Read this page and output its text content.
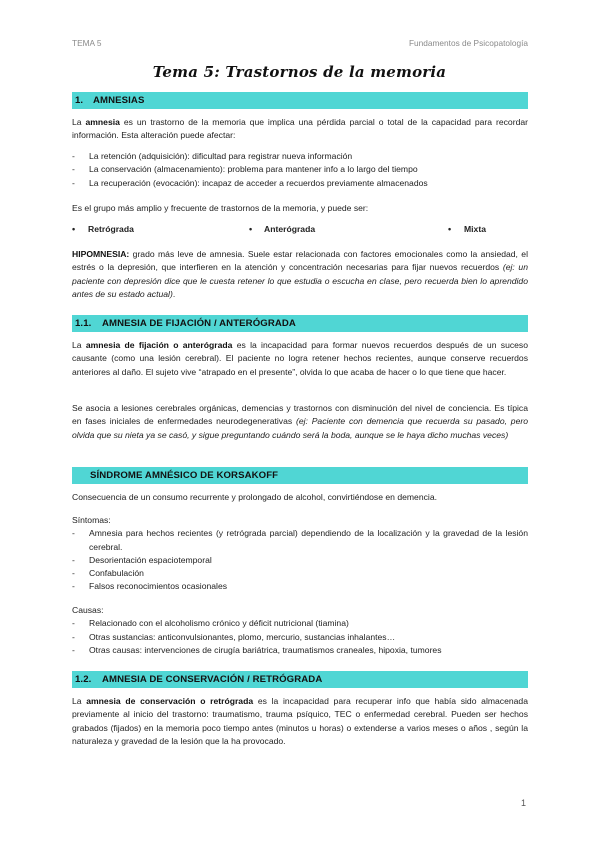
TEMA 5	Fundamentos de Psicopatología
Tema 5: Trastornos de la memoria
1. AMNESIAS

La amnesia es un trastorno de la memoria que implica una pérdida parcial o total de la capacidad para recordar información. Esta alteración puede afectar:

- La retención (adquisición): dificultad para registrar nueva información
- La conservación (almacenamiento): problema para mantener info a lo largo del tiempo
- La recuperación (evocación): incapaz de acceder a recuerdos previamente almacenados

Es el grupo más amplio y frecuente de trastornos de la memoria, y puede ser:

• Retrógrada	• Anterógrada	• Mixta

HIPOMNESIA: grado más leve de amnesia. Suele estar relacionada con factores emocionales como la ansiedad, el estrés o la depresión, que interfieren en la atención y concentración necesarias para fijar nuevos recuerdos (ej: un paciente con depresión dice que le cuesta retener lo que estudia o escucha en clase, pero recuerda bien lo aprendido antes de su estado actual).

1.1. AMNESIA DE FIJACIÓN / ANTERÓGRADA

La amnesia de fijación o anterógrada es la incapacidad para formar nuevos recuerdos después de un suceso causante (como una lesión cerebral). El paciente no logra retener hechos recientes, aunque conserve recuerdos anteriores al daño. El sujeto vive “atrapado en el presente”, olvida lo que acaba de hacer o lo que tiene que hacer.

Se asocia a lesiones cerebrales orgánicas, demencias y trastornos con disminución del nivel de conciencia. Es típica en fases iniciales de enfermedades neurodegenerativas (ej: Paciente con demencia que recuerda su pasado, pero olvida que su nieta ya se casó, y sigue preguntando cuándo será la boda, aunque se le haya dicho muchas veces)

SÍNDROME AMNÉSICO DE KORSAKOFF

Consecuencia de un consumo recurrente y prolongado de alcohol, convirtiéndose en demencia.

Síntomas:

- Amnesia para hechos recientes (y retrógrada parcial) dependiendo de la localización y la gravedad de la lesión cerebral.
- Desorientación espaciotemporal
- Confabulación
- Falsos reconocimientos ocasionales

Causas:

- Relacionado con el alcoholismo crónico y déficit nutricional (tiamina)
- Otras sustancias: anticonvulsionantes, plomo, mercurio, sustancias inhalantes…
- Otras causas: intervenciones de cirugía bariátrica, traumatismos craneales, hipoxia, tumores
1.2. AMNESIA DE CONSERVACIÓN / RETRÓGRADA

La amnesia de conservación o retrógrada es la incapacidad para recuperar info que había sido almacenada previamente al inicio del trastorno: traumatismo, trauma psíquico, TEC o enfermedad cerebral. Pueden ser hechos grabados (fijados) en la memoria poco tiempo antes (minutos u horas) o extenderse a varios meses o años , según la naturaleza y gravedad de la lesión que la ha provocado.

1
